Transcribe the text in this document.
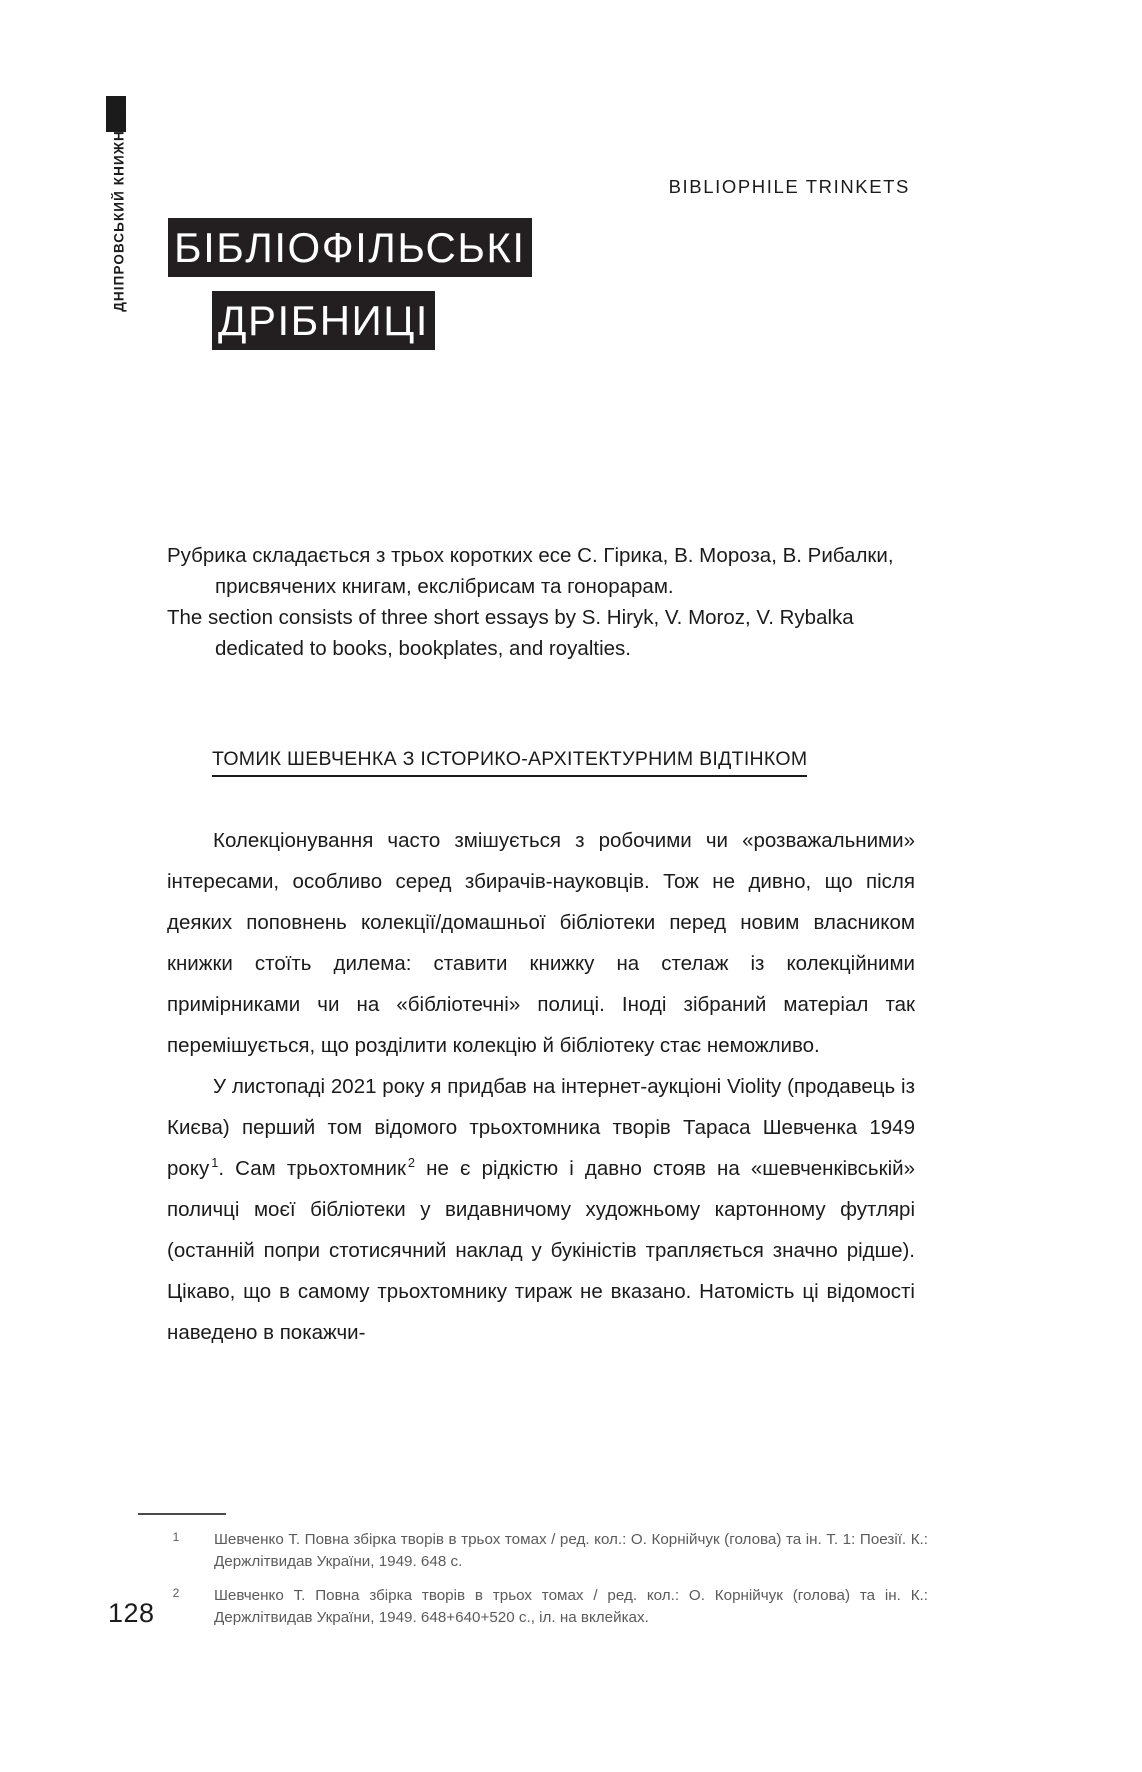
ДНІПРОВСЬКИЙ КНИЖНИК 2	BIBLIOPHILE TRINKETS
БІБЛІОФІЛЬСЬКІ
ДРІБНИЦІ

Рубрика складається з трьох коротких есе С. Гірика, В. Мороза, В. Рибалки,
присвячених книгам, екслібрисам та гонорарам.

The section consists of three short essays by S. Hiryk, V. Moroz, V. Rybalka
dedicated to books, bookplates, and royalties.

ТОМИК ШЕВЧЕНКА З ІСТОРИКО-АРХІТЕКТУРНИМ ВІДТІНКОМ

Колекціонування часто змішується з робочими чи «розважальними» інтересами, особливо серед збирачів-науковців. Тож не дивно, що після деяких поповнень колекції/домашньої бібліотеки перед новим власником книжки стоїть дилема: ставити книжку на стелаж із колекційними примірниками чи на «бібліотечні» полиці. Іноді зібраний матеріал так перемішується, що розділити колекцію й бібліотеку стає неможливо.

У листопаді 2021 року я придбав на інтернет-аукціоні Violity (продавець із Києва) перший том відомого трьохтомника творів Тараса Шевченка 1949 року $^1$. Сам трьохтомник $^2$ не є рідкістю і давно стояв на «шевченківській» поличці моєї бібліотеки у видавничому художньому картонному футлярі (останній попри стотисячний наклад у букіністів трапляється значно рідше). Цікаво, що в самому трьохтомнику тираж не вказано. Натомість ці відомості наведено в покажчи-

1	Шевченко Т. Повна збірка творів в трьох томах / ред. кол.: О. Корнійчук (голова) та ін. Т. 1: Поезії. К.: Держлітвидав України, 1949. 648 с.
2	Шевченко Т. Повна збірка творів в трьох томах / ред. кол.: О. Корнійчук (голова) та ін. К.: Держлітвидав України, 1949. 648+640+520 с., іл. на вклейках.
128
